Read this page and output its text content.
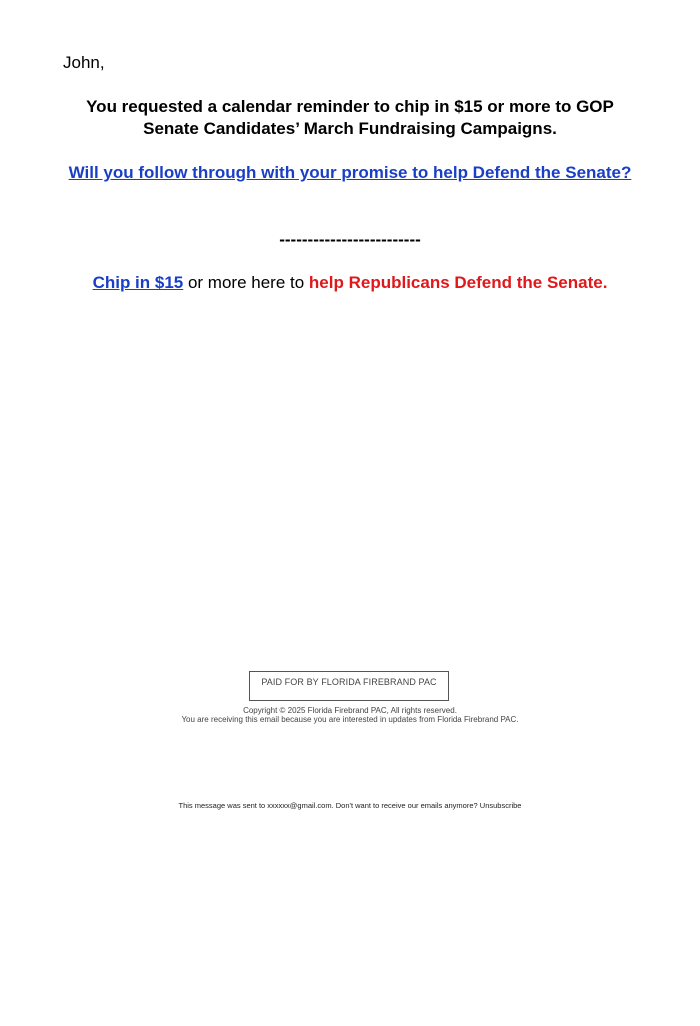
John,
You requested a calendar reminder to chip in $15 or more to GOP Senate Candidates’ March Fundraising Campaigns.
Will you follow through with your promise to help Defend the Senate?
-------------------------
Chip in $15 or more here to help Republicans Defend the Senate.
PAID FOR BY FLORIDA FIREBRAND PAC
Copyright © 2025 Florida Firebrand PAC, All rights reserved.
You are receiving this email because you are interested in updates from Florida Firebrand PAC.
This message was sent to xxxxxx@gmail.com. Don't want to receive our emails anymore? Unsubscribe
